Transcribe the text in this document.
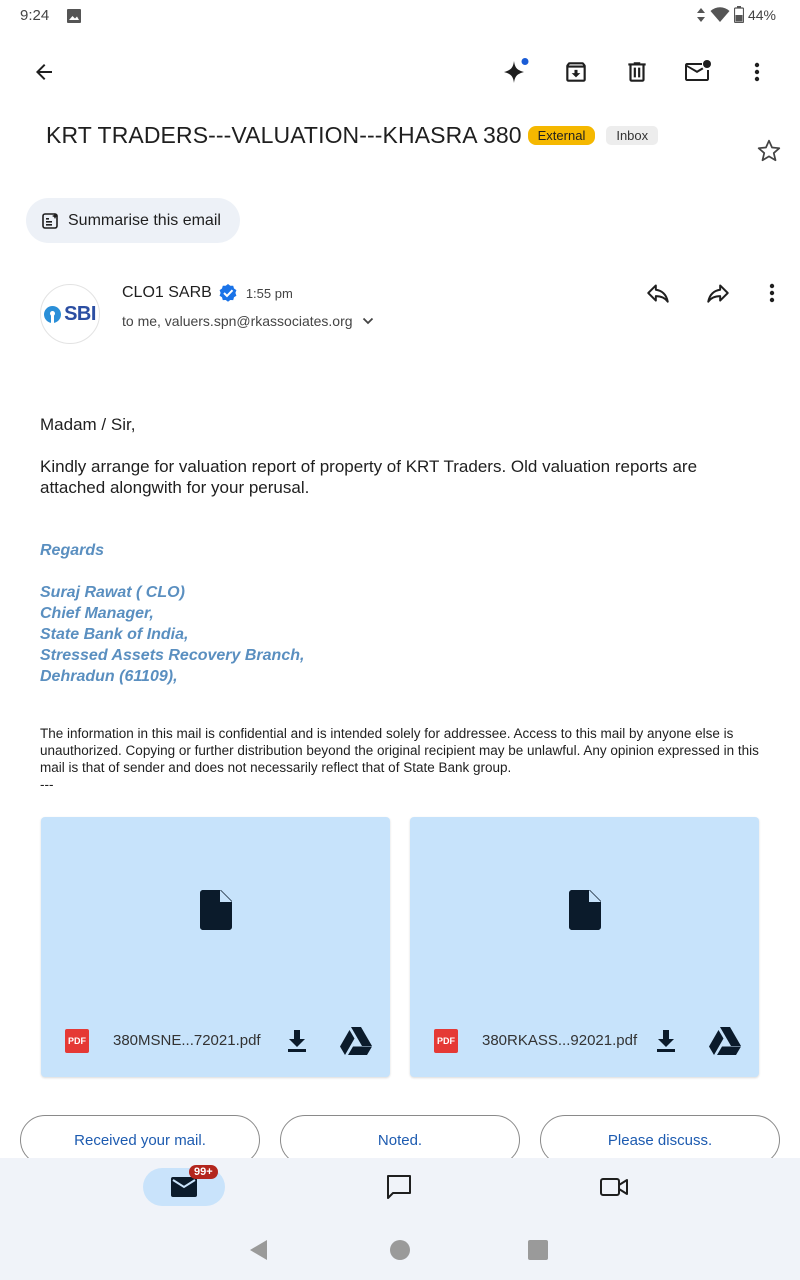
9:24	44%
KRT TRADERS---VALUATION---KHASRA 380	External	Inbox
Summarise this email
SBI
CLO1 SARB	1:55 pm
to me, valuers.spn@rkassociates.org
Madam / Sir,
Kindly arrange for valuation report of property of KRT Traders. Old valuation reports are attached alongwith for your perusal.
Regards
Suraj Rawat ( CLO)
Chief Manager,
State Bank of India,
Stressed Assets Recovery Branch,
Dehradun (61109),
The information in this mail is confidential and is intended solely for addressee. Access to this mail by anyone else is unauthorized. Copying or further distribution beyond the original recipient may be unlawful. Any opinion expressed in this mail is that of sender and does not necessarily reflect that of State Bank group.
---
PDF 380MSNE...72021.pdf	PDF 380RKASS...92021.pdf
Received your mail.	Noted.	Please discuss.
99+
